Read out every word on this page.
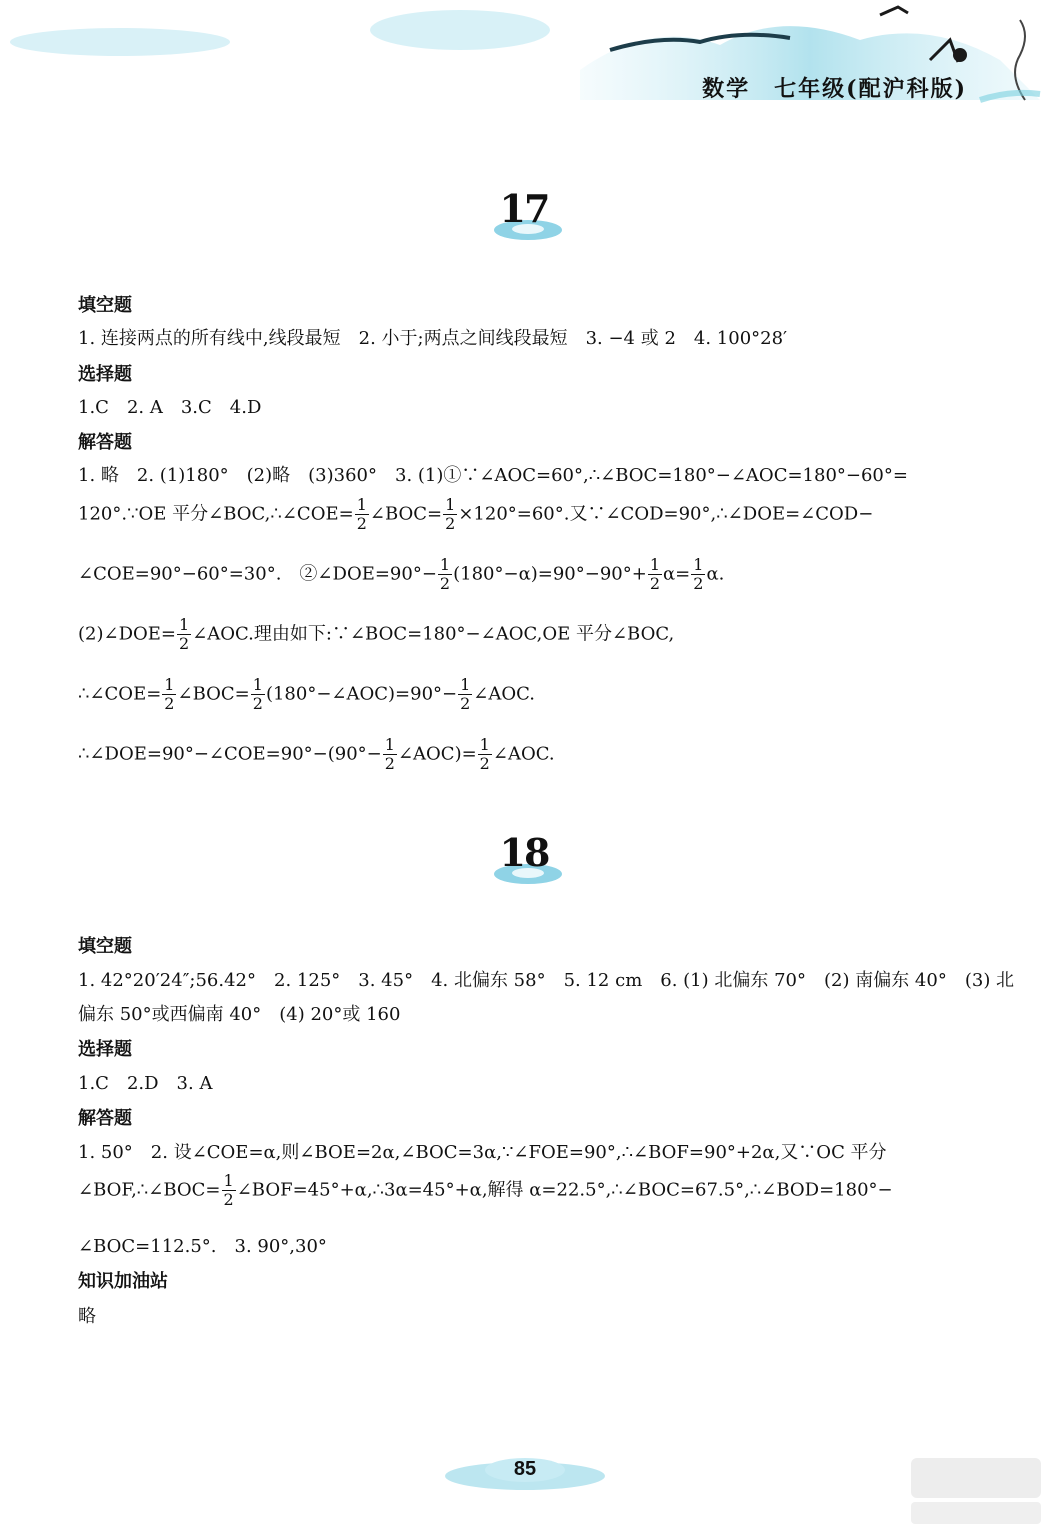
数学　七年级(配沪科版)
17
填空题
1. 连接两点的所有线中,线段最短　2. 小于;两点之间线段最短　3. −4 或 2　4. 100°28′
选择题
1.C　2. A　3.C　4.D
解答题
1. 略　2. (1)180°　(2)略　(3)360°　3. (1)①∵∠AOC=60°,∴∠BOC=180°−∠AOC=180°−60°=
120°.∵OE 平分∠BOC,∴∠COE= $\frac{1}{2}$ ∠BOC= $\frac{1}{2} \times 120^\circ=60^\circ$.又∵∠COD=90°,∴∠DOE=∠COD−
∠COE=90°−60°=30°.　②∠DOE=90°− $\frac{1}{2} (180^\circ-\alpha)=90^\circ-90^\circ+ \frac{1}{2} \alpha= \frac{1}{2} \alpha$.
(2)∠DOE= $\frac{1}{2}$ ∠AOC.理由如下:∵∠BOC=180°−∠AOC,OE 平分∠BOC,
∴∠COE= $\frac{1}{2}$ ∠BOC= $\frac{1}{2}$ (180°−∠AOC)=90°− $\frac{1}{2}$ ∠AOC.
∴∠DOE=90°−∠COE=90°−(90°− $\frac{1}{2}$ ∠AOC)= $\frac{1}{2}$ ∠AOC.
18
填空题
1. 42°20′24″;56.42°　2. 125°　3. 45°　4. 北偏东 58°　5. 12 cm　6. (1) 北偏东 70°　(2) 南偏东 40°　(3) 北
偏东 50°或西偏南 40°　(4) 20°或 160
选择题
1.C　2.D　3. A
解答题
1. 50°　2. 设∠COE=α,则∠BOE=2α,∠BOC=3α,∵∠FOE=90°,∴∠BOF=90°+2α,又∵OC 平分
∠BOF,∴∠BOC= $\frac{1}{2}$ ∠BOF=45°+α,∴3α=45°+α,解得 α=22.5°,∴∠BOC=67.5°,∴∠BOD=180°−
∠BOC=112.5°.　3. 90°,30°
知识加油站
略
85
